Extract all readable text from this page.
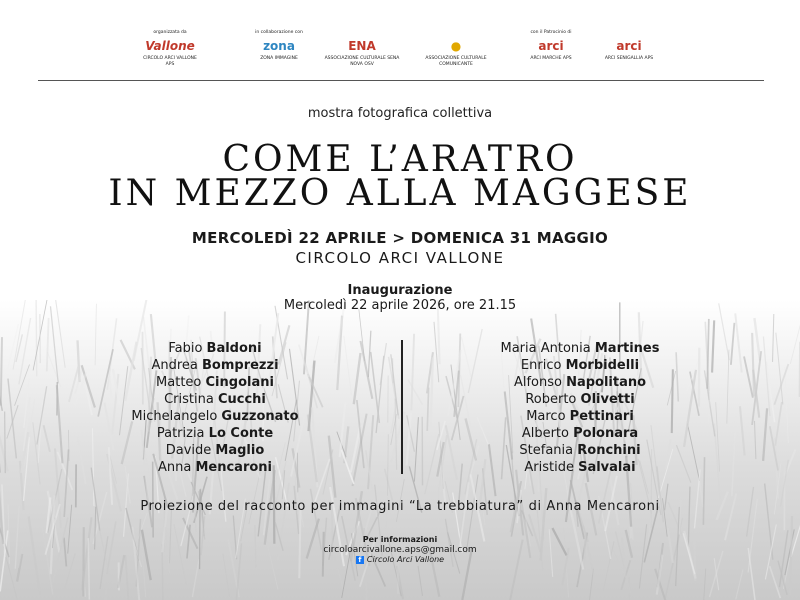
organizzata da
Vallone
CIRCOLO ARCI VALLONE APS
in collaborazione con
zona
ZONA IMMAGINE
ENA
ASSOCIAZIONE CULTURALE SENA NOVA OSV
●
ASSOCIAZIONE CULTURALE COMUNICANTE
con il Patrocinio di
arci
ARCI MARCHE APS
arci
ARCI SENIGALLIA APS
mostra fotografica collettiva
COME L’ARATRO
IN MEZZO ALLA MAGGESE
MERCOLEDÌ 22 APRILE > DOMENICA 31 MAGGIO
CIRCOLO ARCI VALLONE
Inaugurazione
Mercoledì 22 aprile 2026, ore 21.15
Fabio Baldoni
Andrea Bomprezzi
Matteo Cingolani
Cristina Cucchi
Michelangelo Guzzonato
Patrizia Lo Conte
Davide Maglio
Anna Mencaroni
Maria Antonia Martines
Enrico Morbidelli
Alfonso Napolitano
Roberto Olivetti
Marco Pettinari
Alberto Polonara
Stefania Ronchini
Aristide Salvalai
Proiezione del racconto per immagini “La trebbiatura” di Anna Mencaroni
Per informazioni
circoloarcivallone.aps@gmail.com
f Circolo Arci Vallone
